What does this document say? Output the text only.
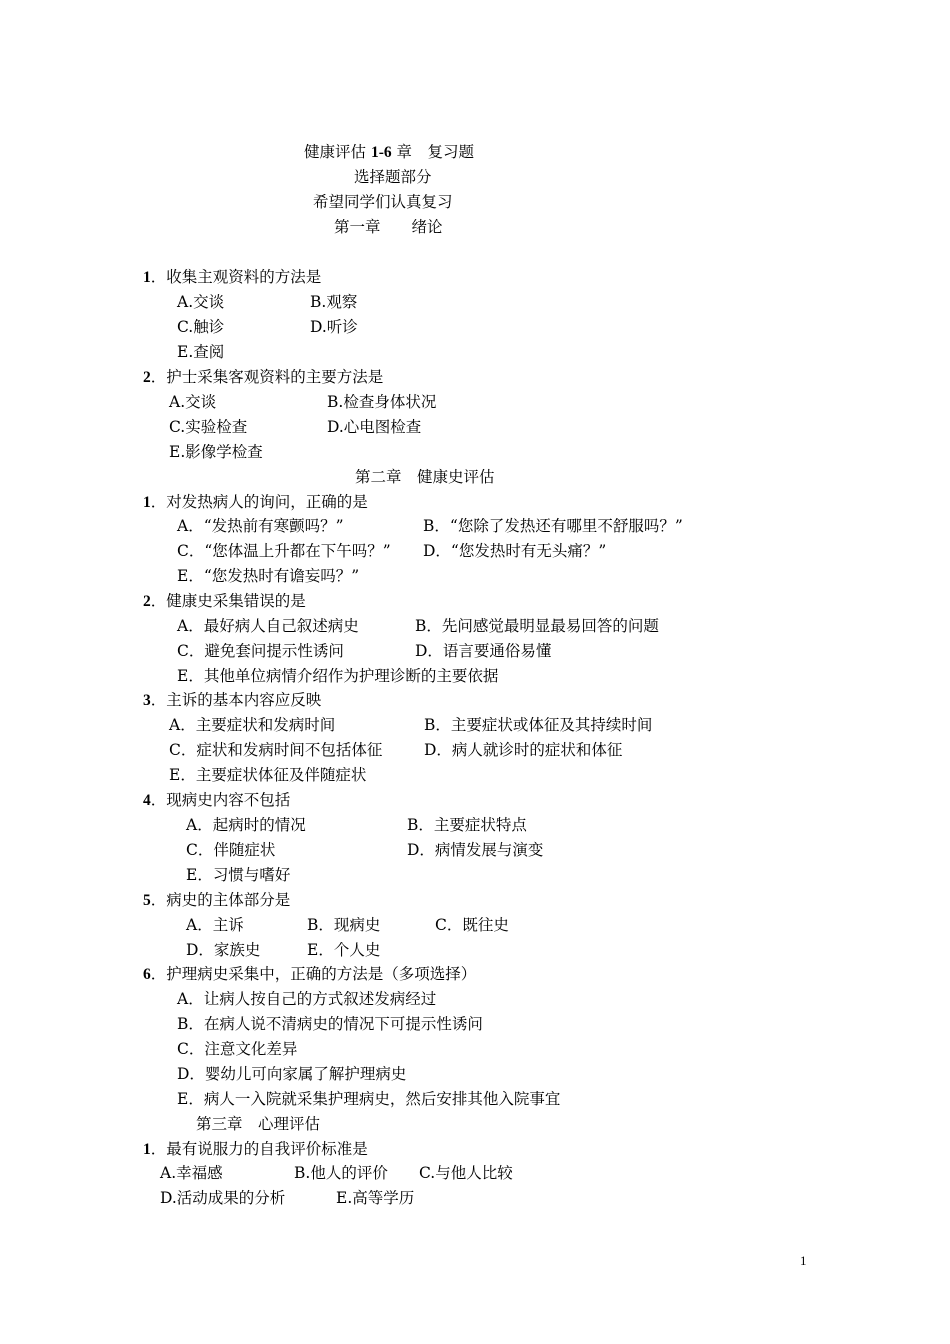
健康评估 1-6 章　复习题
选择题部分
希望同学们认真复习
第一章　　绪论
1．收集主观资料的方法是
A.交谈	B.观察
C.触诊	D.听诊
E.查阅
2．护士采集客观资料的主要方法是
A.交谈	B.检查身体状况
C.实验检查	D.心电图检查
E.影像学检查
第二章　健康史评估
1．对发热病人的询问，正确的是
A．“发热前有寒颤吗？”	B．“您除了发热还有哪里不舒服吗？”
C．“您体温上升都在下午吗？” D．“您发热时有无头痛？”
E．“您发热时有谵妄吗？”
2．健康史采集错误的是
A．最好病人自己叙述病史	B．先问感觉最明显最易回答的问题
C．避免套问提示性诱问	D．语言要通俗易懂
E．其他单位病情介绍作为护理诊断的主要依据
3．主诉的基本内容应反映
A．主要症状和发病时间	B．主要症状或体征及其持续时间
C．症状和发病时间不包括体征	D．病人就诊时的症状和体征
E．主要症状体征及伴随症状
4．现病史内容不包括
A．起病时的情况	B．主要症状特点
C．伴随症状	D．病情发展与演变
E．习惯与嗜好
5．病史的主体部分是
A．主诉	B．现病史	C．既往史
D．家族史	E．个人史
6．护理病史采集中，正确的方法是（多项选择）
A．让病人按自己的方式叙述发病经过
B．在病人说不清病史的情况下可提示性诱问
C．注意文化差异
D．婴幼儿可向家属了解护理病史
E．病人一入院就采集护理病史，然后安排其他入院事宜
第三章　心理评估
1．最有说服力的自我评价标准是
A.幸福感	B.他人的评价 C.与他人比较
D.活动成果的分析	E.高等学历
1
